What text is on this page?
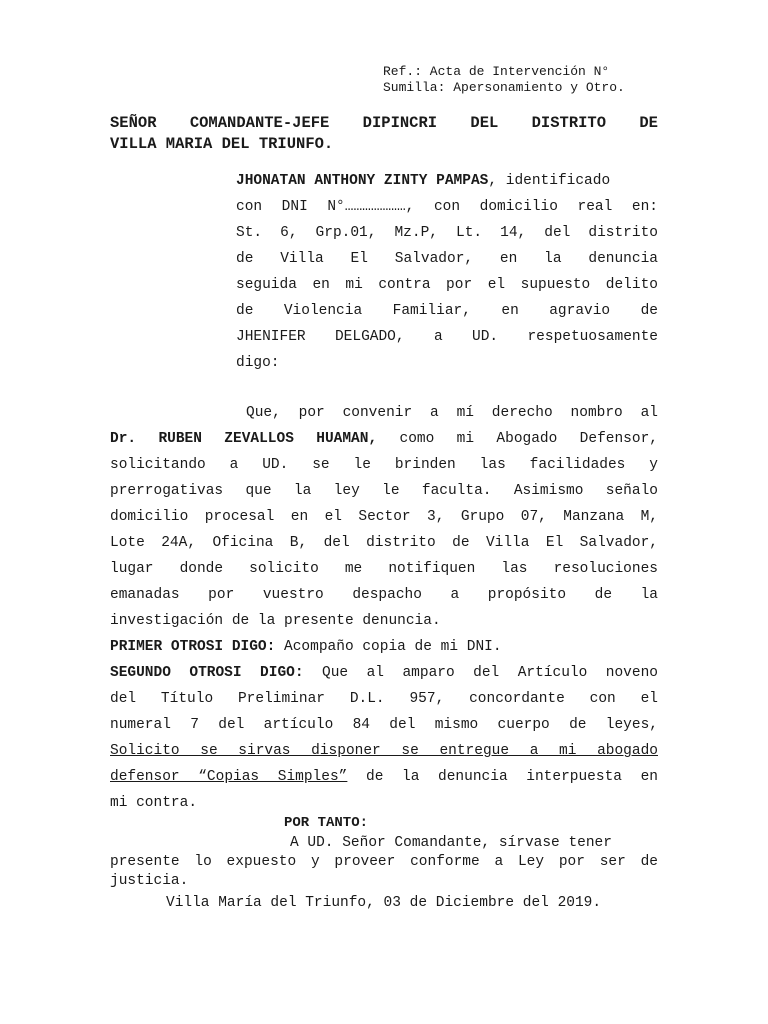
Ref.: Acta de Intervención N°
Sumilla: Apersonamiento y Otro.
SEÑOR COMANDANTE-JEFE DIPINCRI DEL DISTRITO DE
VILLA MARIA DEL TRIUNFO.
JHONATAN ANTHONY ZINTY PAMPAS, identificado
con DNI N°…………………, con domicilio real en:
St. 6, Grp.01, Mz.P, Lt. 14, del distrito
de Villa El Salvador, en la denuncia
seguida en mi contra por el supuesto delito
de Violencia Familiar, en agravio de
JHENIFER DELGADO, a UD. respetuosamente
digo:
Que, por convenir a mí derecho nombro al
Dr. RUBEN ZEVALLOS HUAMAN, como mi Abogado Defensor,
solicitando a UD. se le brinden las facilidades y
prerrogativas que la ley le faculta. Asimismo señalo
domicilio procesal en el Sector 3, Grupo 07, Manzana M,
Lote 24A, Oficina B, del distrito de Villa El Salvador,
lugar donde solicito me notifiquen las resoluciones
emanadas por vuestro despacho a propósito de la
investigación de la presente denuncia.
PRIMER OTROSI DIGO: Acompaño copia de mi DNI.
SEGUNDO OTROSI DIGO: Que al amparo del Artículo noveno
del Título Preliminar D.L. 957, concordante con el
numeral 7 del artículo 84 del mismo cuerpo de leyes,
Solicito se sirvas disponer se entregue a mi abogado
defensor “Copias Simples” de la denuncia interpuesta en
mi contra.
POR TANTO:
A UD. Señor Comandante, sírvase tener
presente lo expuesto y proveer conforme a Ley por ser de
justicia.
Villa María del Triunfo, 03 de Diciembre del 2019.
